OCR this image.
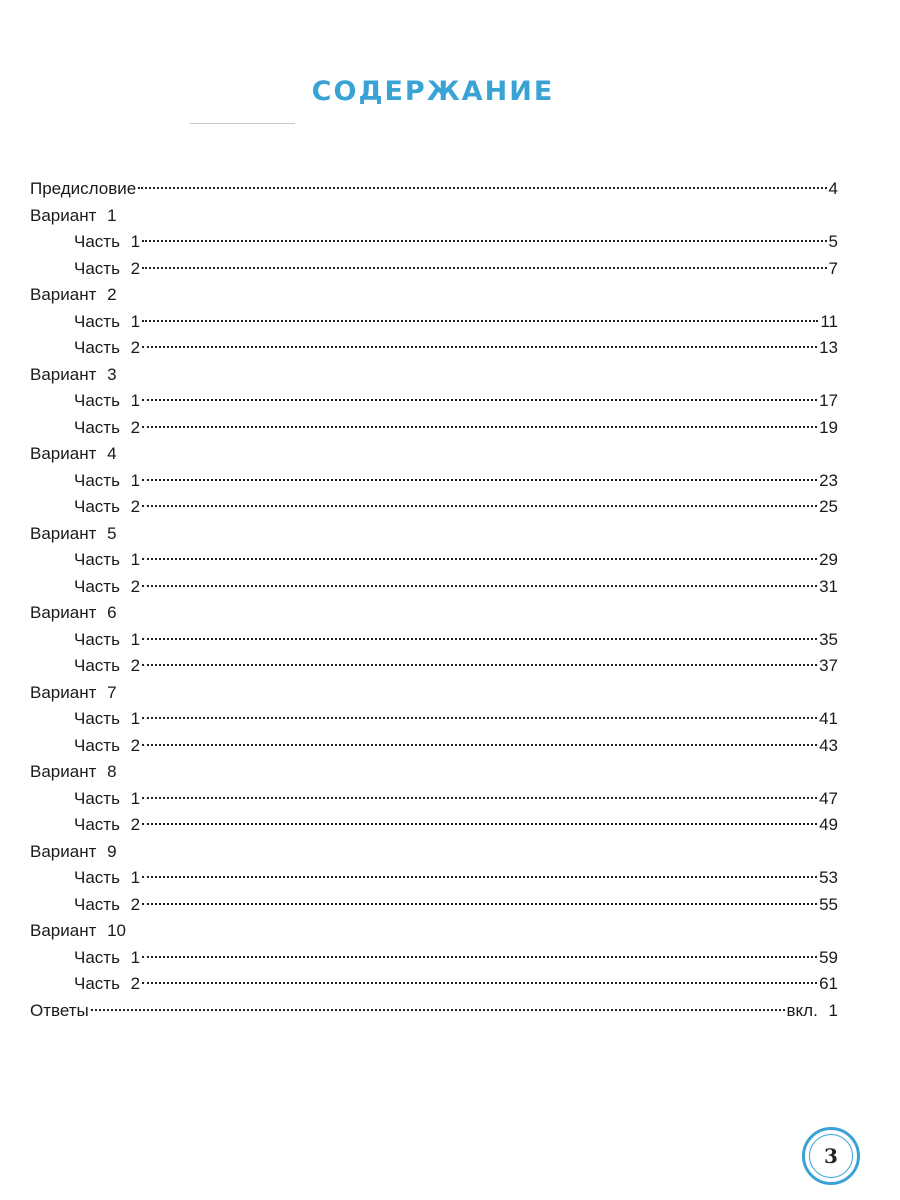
СОДЕРЖАНИЕ
Предисловие	4
Вариант 1
Часть 1	5
Часть 2	7
Вариант 2
Часть 1	11
Часть 2	13
Вариант 3
Часть 1	17
Часть 2	19
Вариант 4
Часть 1	23
Часть 2	25
Вариант 5
Часть 1	29
Часть 2	31
Вариант 6
Часть 1	35
Часть 2	37
Вариант 7
Часть 1	41
Часть 2	43
Вариант 8
Часть 1	47
Часть 2	49
Вариант 9
Часть 1	53
Часть 2	55
Вариант 10
Часть 1	59
Часть 2	61
Ответы	вкл. 1
3
